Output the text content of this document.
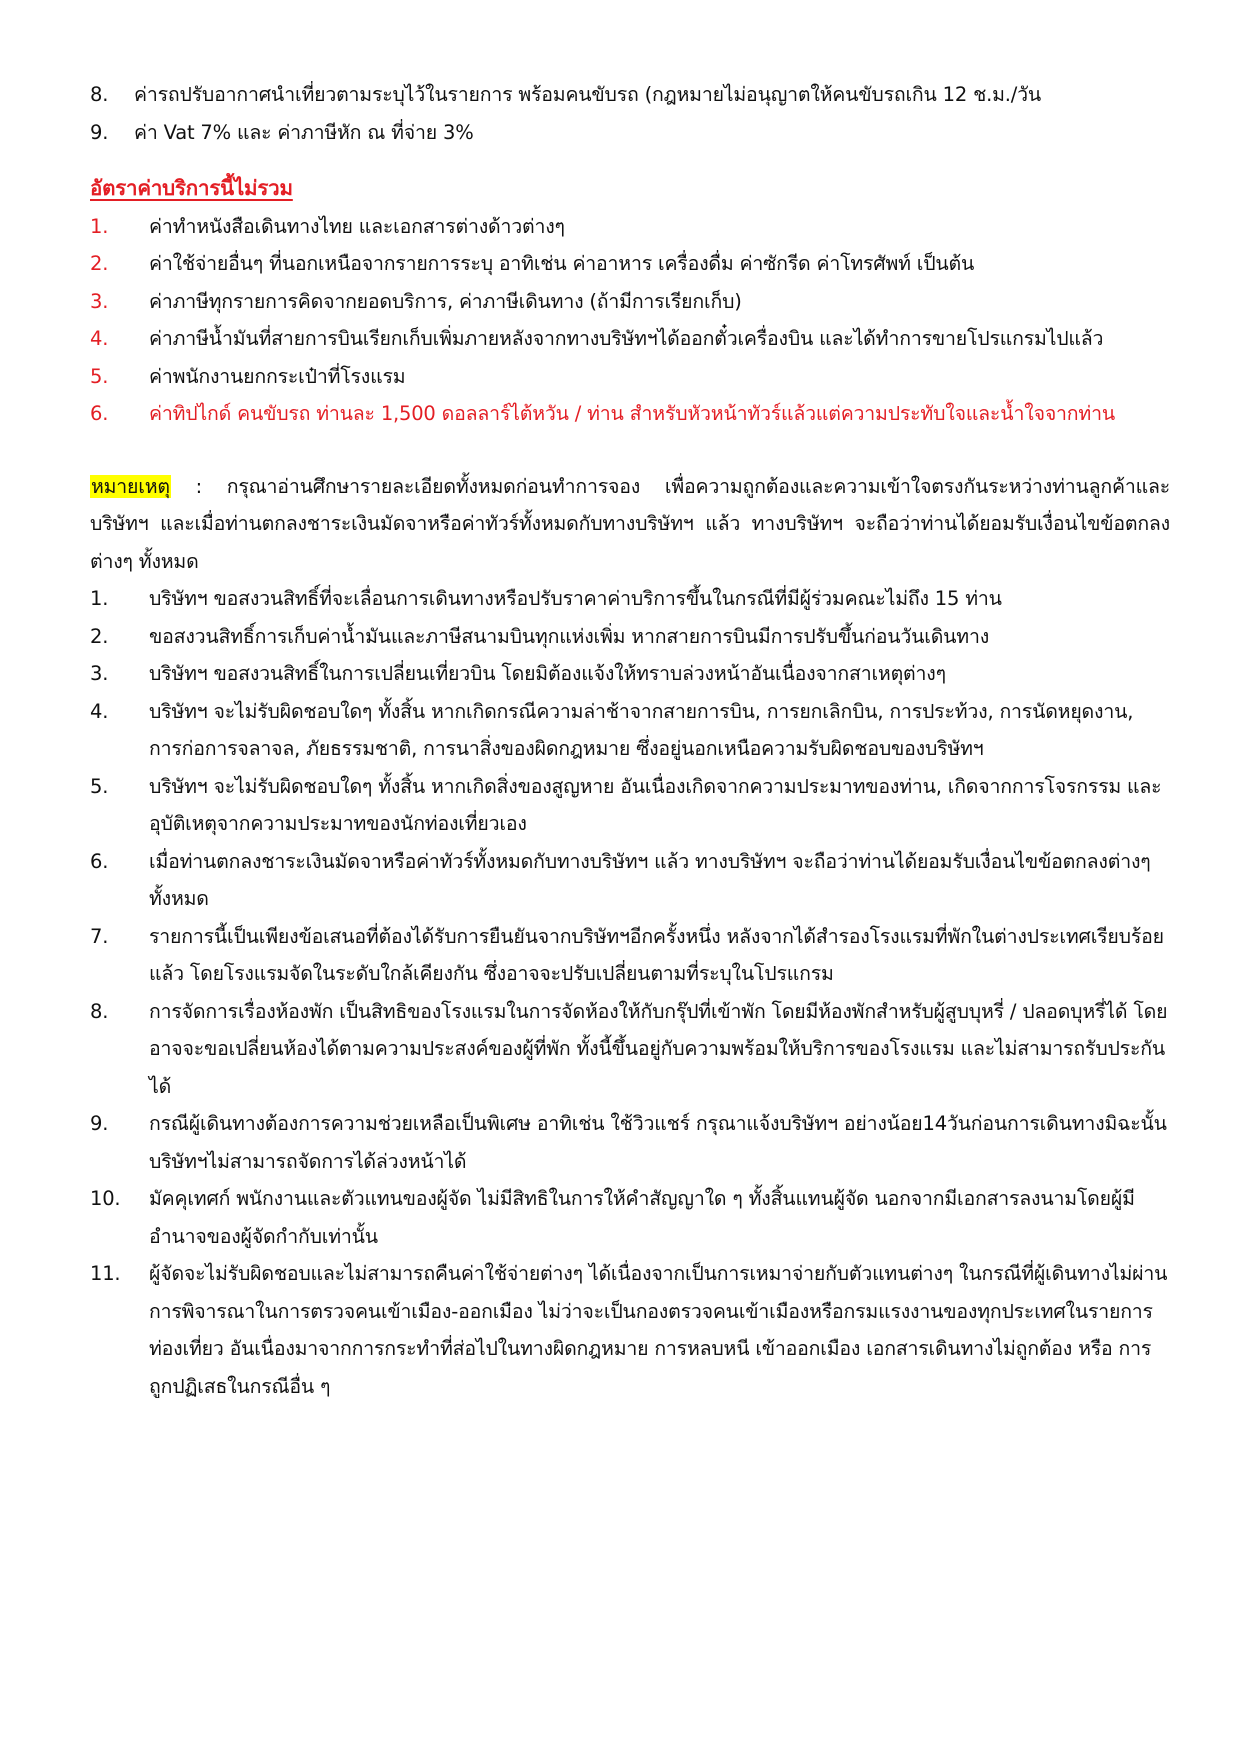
8.	ค่ารถปรับอากาศนำเที่ยวตามระบุไว้ในรายการ พร้อมคนขับรถ (กฎหมายไม่อนุญาตให้คนขับรถเกิน 12 ช.ม./วัน
9.	ค่า Vat 7% และ ค่าภาษีหัก ณ ที่จ่าย 3%
อัตราค่าบริการนี้ไม่รวม
1.	ค่าทำหนังสือเดินทางไทย และเอกสารต่างด้าวต่างๆ
2.	ค่าใช้จ่ายอื่นๆ ที่นอกเหนือจากรายการระบุ อาทิเช่น ค่าอาหาร เครื่องดื่ม ค่าซักรีด ค่าโทรศัพท์ เป็นต้น
3.	ค่าภาษีทุกรายการคิดจากยอดบริการ, ค่าภาษีเดินทาง (ถ้ามีการเรียกเก็บ)
4.	ค่าภาษีน้ำมันที่สายการบินเรียกเก็บเพิ่มภายหลังจากทางบริษัทฯได้ออกตั๋วเครื่องบิน และได้ทำการขายโปรแกรมไปแล้ว
5.	ค่าพนักงานยกกระเป๋าที่โรงแรม
6.	ค่าทิปไกด์ คนขับรถ ท่านละ 1,500 ดอลลาร์ไต้หวัน / ท่าน สำหรับหัวหน้าทัวร์แล้วแต่ความประทับใจและน้ำใจจากท่าน
หมายเหตุ : กรุณาอ่านศึกษารายละเอียดทั้งหมดก่อนทำการจอง เพื่อความถูกต้องและความเข้าใจตรงกันระหว่างท่านลูกค้าและบริษัทฯ และเมื่อท่านตกลงชาระเงินมัดจาหรือค่าทัวร์ทั้งหมดกับทางบริษัทฯ แล้ว ทางบริษัทฯ จะถือว่าท่านได้ยอมรับเงื่อนไขข้อตกลงต่างๆ ทั้งหมด
1.	บริษัทฯ ขอสงวนสิทธิ์ที่จะเลื่อนการเดินทางหรือปรับราคาค่าบริการขึ้นในกรณีที่มีผู้ร่วมคณะไม่ถึง 15 ท่าน
2.	ขอสงวนสิทธิ์การเก็บค่าน้ำมันและภาษีสนามบินทุกแห่งเพิ่ม หากสายการบินมีการปรับขึ้นก่อนวันเดินทาง
3.	บริษัทฯ ขอสงวนสิทธิ์ในการเปลี่ยนเที่ยวบิน โดยมิต้องแจ้งให้ทราบล่วงหน้าอันเนื่องจากสาเหตุต่างๆ
4.	บริษัทฯ จะไม่รับผิดชอบใดๆ ทั้งสิ้น หากเกิดกรณีความล่าช้าจากสายการบิน, การยกเลิกบิน, การประท้วง, การนัดหยุดงาน, การก่อการจลาจล, ภัยธรรมชาติ, การนาสิ่งของผิดกฎหมาย ซึ่งอยู่นอกเหนือความรับผิดชอบของบริษัทฯ
5.	บริษัทฯ จะไม่รับผิดชอบใดๆ ทั้งสิ้น หากเกิดสิ่งของสูญหาย อันเนื่องเกิดจากความประมาทของท่าน, เกิดจากการโจรกรรม และ อุบัติเหตุจากความประมาทของนักท่องเที่ยวเอง
6.	เมื่อท่านตกลงชาระเงินมัดจาหรือค่าทัวร์ทั้งหมดกับทางบริษัทฯ แล้ว ทางบริษัทฯ จะถือว่าท่านได้ยอมรับเงื่อนไขข้อตกลงต่างๆ ทั้งหมด
7.	รายการนี้เป็นเพียงข้อเสนอที่ต้องได้รับการยืนยันจากบริษัทฯอีกครั้งหนึ่ง หลังจากได้สำรองโรงแรมที่พักในต่างประเทศเรียบร้อยแล้ว โดยโรงแรมจัดในระดับใกล้เคียงกัน ซึ่งอาจจะปรับเปลี่ยนตามที่ระบุในโปรแกรม
8.	การจัดการเรื่องห้องพัก เป็นสิทธิของโรงแรมในการจัดห้องให้กับกรุ๊ปที่เข้าพัก โดยมีห้องพักสำหรับผู้สูบบุหรี่ / ปลอดบุหรี่ได้ โดยอาจจะขอเปลี่ยนห้องได้ตามความประสงค์ของผู้ที่พัก ทั้งนี้ขึ้นอยู่กับความพร้อมให้บริการของโรงแรม และไม่สามารถรับประกันได้
9.	กรณีผู้เดินทางต้องการความช่วยเหลือเป็นพิเศษ อาทิเช่น ใช้วิวแชร์ กรุณาแจ้งบริษัทฯ อย่างน้อย14วันก่อนการเดินทางมิฉะนั้น บริษัทฯไม่สามารถจัดการได้ล่วงหน้าได้
10.	มัคคุเทศก์ พนักงานและตัวแทนของผู้จัด ไม่มีสิทธิในการให้คำสัญญาใด ๆ ทั้งสิ้นแทนผู้จัด นอกจากมีเอกสารลงนามโดยผู้มีอำนาจของผู้จัดกำกับเท่านั้น
11.	ผู้จัดจะไม่รับผิดชอบและไม่สามารถคืนค่าใช้จ่ายต่างๆ ได้เนื่องจากเป็นการเหมาจ่ายกับตัวแทนต่างๆ ในกรณีที่ผู้เดินทางไม่ผ่านการพิจารณาในการตรวจคนเข้าเมือง-ออกเมือง ไม่ว่าจะเป็นกองตรวจคนเข้าเมืองหรือกรมแรงงานของทุกประเทศในรายการท่องเที่ยว อันเนื่องมาจากการกระทำที่ส่อไปในทางผิดกฎหมาย การหลบหนี เข้าออกเมือง เอกสารเดินทางไม่ถูกต้อง หรือ การถูกปฏิเสธในกรณีอื่น ๆ
